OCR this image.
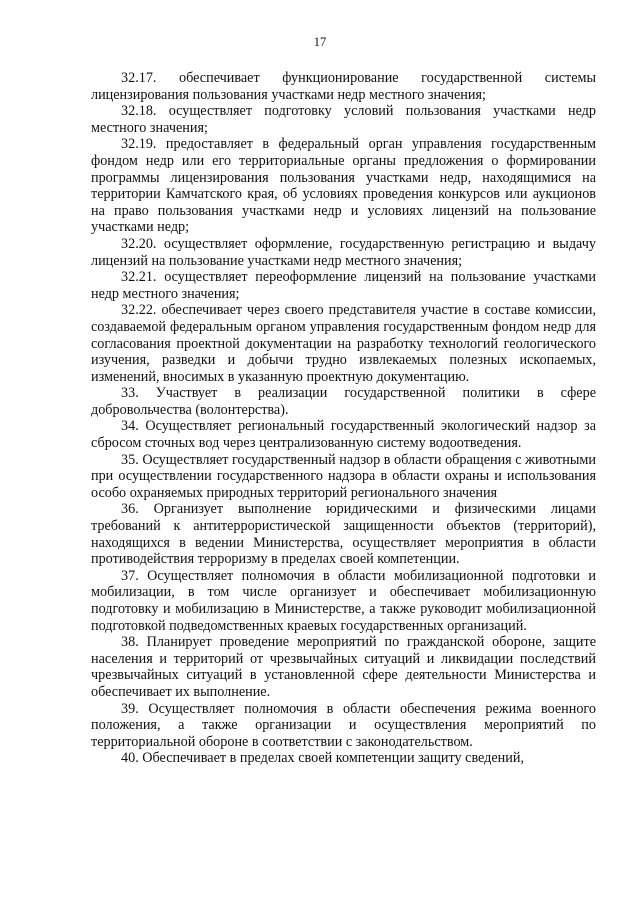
17

32.17. обеспечивает функционирование государственной системы лицензирования пользования участками недр местного значения;

32.18. осуществляет подготовку условий пользования участками недр местного значения;

32.19. предоставляет в федеральный орган управления государственным фондом недр или его территориальные органы предложения о формировании программы лицензирования пользования участками недр, находящимися на территории Камчатского края, об условиях проведения конкурсов или аукционов на право пользования участками недр и условиях лицензий на пользование участками недр;

32.20. осуществляет оформление, государственную регистрацию и выдачу лицензий на пользование участками недр местного значения;

32.21. осуществляет переоформление лицензий на пользование участками недр местного значения;

32.22. обеспечивает через своего представителя участие в составе комиссии, создаваемой федеральным органом управления государственным фондом недр для согласования проектной документации на разработку технологий геологического изучения, разведки и добычи трудно извлекаемых полезных ископаемых, изменений, вносимых в указанную проектную документацию.

33. Участвует в реализации государственной политики в сфере добровольчества (волонтерства).

34. Осуществляет региональный государственный экологический надзор за сбросом сточных вод через централизованную систему водоотведения.

35. Осуществляет государственный надзор в области обращения с животными при осуществлении государственного надзора в области охраны и использования особо охраняемых природных территорий регионального значения

36. Организует выполнение юридическими и физическими лицами требований к антитеррористической защищенности объектов (территорий), находящихся в ведении Министерства, осуществляет мероприятия в области противодействия терроризму в пределах своей компетенции.

37. Осуществляет полномочия в области мобилизационной подготовки и мобилизации, в том числе организует и обеспечивает мобилизационную подготовку и мобилизацию в Министерстве, а также руководит мобилизационной подготовкой подведомственных краевых государственных организаций.

38. Планирует проведение мероприятий по гражданской обороне, защите населения и территорий от чрезвычайных ситуаций и ликвидации последствий чрезвычайных ситуаций в установленной сфере деятельности Министерства и обеспечивает их выполнение.

39. Осуществляет полномочия в области обеспечения режима военного положения, а также организации и осуществления мероприятий по территориальной обороне в соответствии с законодательством.

40. Обеспечивает в пределах своей компетенции защиту сведений,
